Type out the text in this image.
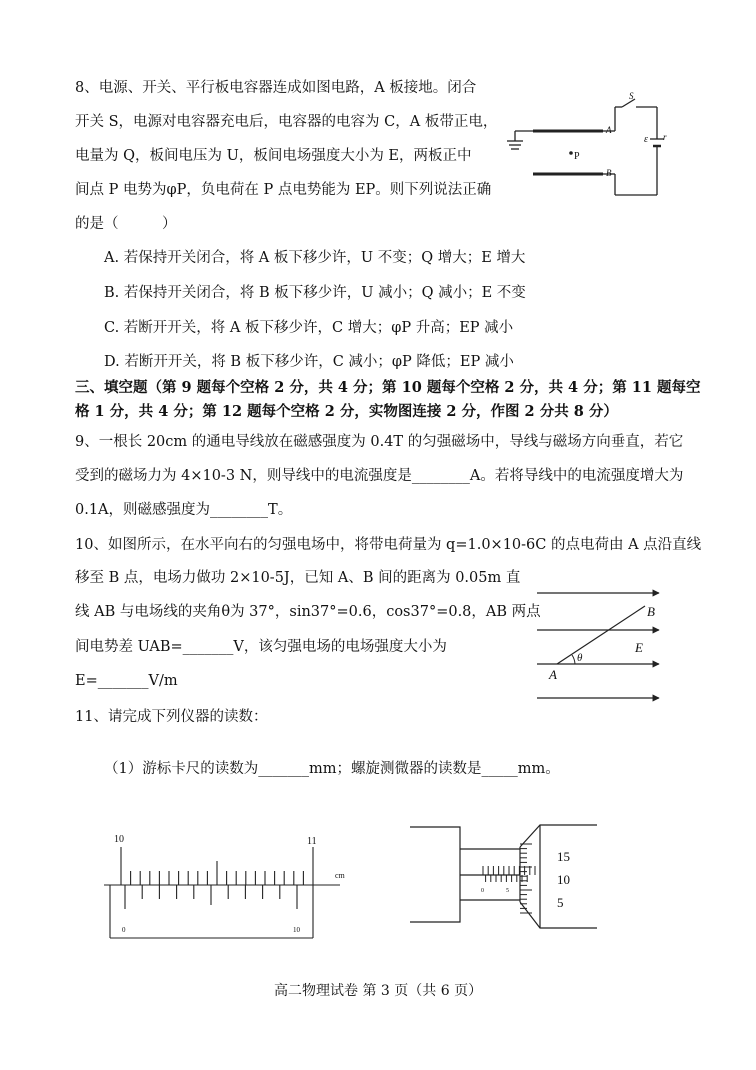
8、电源、开关、平行板电容器连成如图电路，A 板接地。闭合
开关 S，电源对电容器充电后，电容器的电容为 C，A 板带正电，
电量为 Q，板间电压为 U，板间电场强度大小为 E，两板正中
间点 P 电势为φP，负电荷在 P 点电势能为 EP。则下列说法正确
的是（　　　）
A. 若保持开关闭合，将 A 板下移少许，U 不变；Q 增大；E 增大
B. 若保持开关闭合，将 B 板下移少许，U 减小；Q 减小；E 不变
C. 若断开开关，将 A 板下移少许，C 增大；φP 升高；EP 减小
D. 若断开开关，将 B 板下移少许，C 减小；φP 降低；EP 减小
S
A
P
B
ε r
三、填空题（第 9 题每个空格 2 分，共 4 分；第 10 题每个空格 2 分，共 4 分；第 11 题每空
格 1 分，共 4 分；第 12 题每个空格 2 分，实物图连接 2 分，作图 2 分共 8 分）
9、一根长 20cm 的通电导线放在磁感强度为 0.4T 的匀强磁场中，导线与磁场方向垂直，若它
受到的磁场力为 4×10-3 N，则导线中的电流强度是________A。若将导线中的电流强度增大为
0.1A，则磁感强度为________T。
10、如图所示，在水平向右的匀强电场中，将带电荷量为 q=1.0×10-6C 的点电荷由 A 点沿直线
移至 B 点，电场力做功 2×10-5J，已知 A、B 间的距离为 0.05m 直
线 AB 与电场线的夹角θ为 37°，sin37°=0.6，cos37°=0.8，AB 两点
间电势差 UAB=_______V，该匀强电场的电场强度大小为
E=_______V/m
B
A
E
θ
11、请完成下列仪器的读数：
（1）游标卡尺的读数为_______mm；螺旋测微器的读数是_____mm。
10	11
cm
0	10
0	5
15
10
5
高二物理试卷 第 3 页（共 6 页）
